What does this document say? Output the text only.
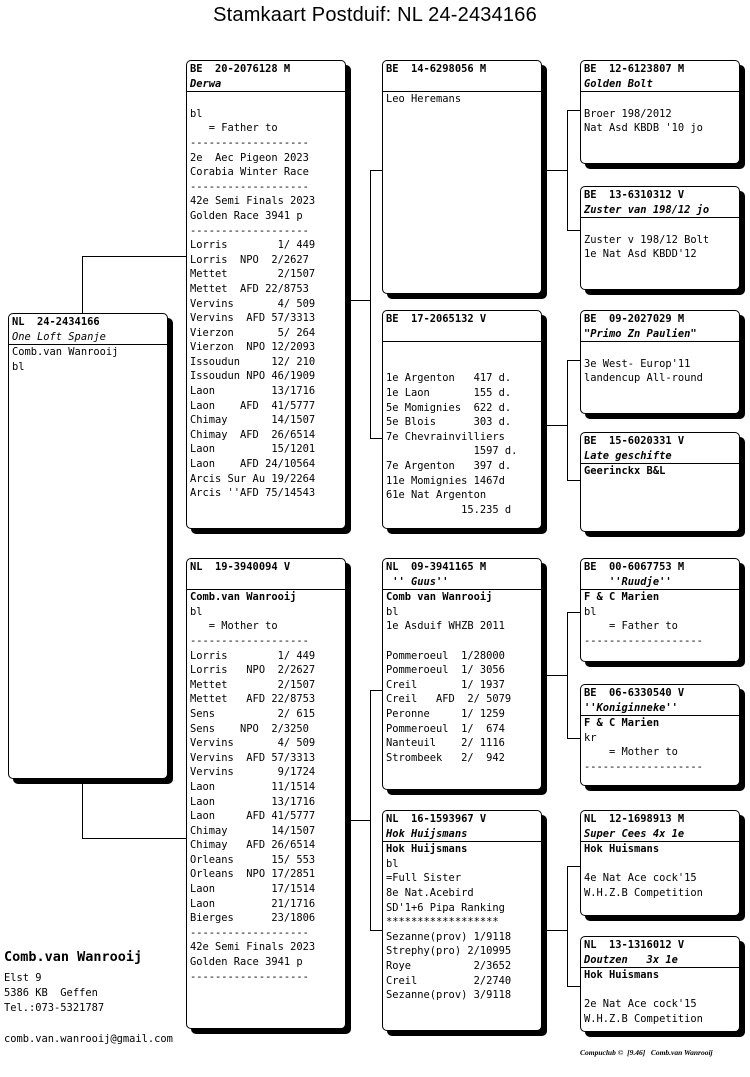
Stamkaart Postduif: NL 24-2434166
NL  24-2434166
One Loft Spanje
Comb.van Wanrooij
bl
BE  20-2076128 M
Derwa
bl
= Father to
-------------------
2e  Aec Pigeon 2023
Corabia Winter Race
-------------------
42e Semi Finals 2023
Golden Race 3941 p
-------------------
Lorris        1/ 449
Lorris  NPO  2/2627
Mettet        2/1507
Mettet  AFD 22/8753
Vervins       4/ 509
Vervins  AFD 57/3313
Vierzon       5/ 264
Vierzon  NPO 12/2093
Issoudun     12/ 210
Issoudun NPO 46/1909
Laon         13/1716
Laon    AFD  41/5777
Chimay       14/1507
Chimay  AFD  26/6514
Laon         15/1201
Laon    AFD 24/10564
Arcis Sur Au 19/2264
Arcis ''AFD 75/14543
NL  19-3940094 V
Comb.van Wanrooij
bl
= Mother to
-------------------
Lorris        1/ 449
Lorris   NPO  2/2627
Mettet        2/1507
Mettet   AFD 22/8753
Sens          2/ 615
Sens    NPO  2/3250
Vervins       4/ 509
Vervins  AFD 57/3313
Vervins       9/1724
Laon         11/1514
Laon         13/1716
Laon     AFD 41/5777
Chimay       14/1507
Chimay   AFD 26/6514
Orleans      15/ 553
Orleans  NPO 17/2851
Laon         17/1514
Laon         21/1716
Bierges      23/1806
-------------------
42e Semi Finals 2023
Golden Race 3941 p
-------------------
BE  14-6298056 M
Leo Heremans
BE  17-2065132 V
1e Argenton   417 d.
1e Laon       155 d.
5e Momignies  622 d.
5e Blois      303 d.
7e Chevrainvilliers
1597 d.
7e Argenton   397 d.
11e Momignies 1467d
61e Nat Argenton
15.235 d
NL  09-3941165 M
'' Guus''
Comb van Wanrooij
bl
1e Asduif WHZB 2011
Pommeroeul  1/28000
Pommeroeul  1/ 3056
Creil       1/ 1937
Creil   AFD  2/ 5079
Peronne     1/ 1259
Pommeroeul  1/  674
Nanteuil    2/ 1116
Strombeek   2/  942
NL  16-1593967 V
Hok Huijsmans
Hok Huijsmans
bl
=Full Sister
8e Nat.Acebird
SD'1+6 Pipa Ranking
******************
Sezanne(prov) 1/9118
Strephy(pro) 2/10995
Roye          2/3652
Creil         2/2740
Sezanne(prov) 3/9118
BE  12-6123807 M
Golden Bolt
Broer 198/2012
Nat Asd KBDB '10 jo
BE  13-6310312 V
Zuster van 198/12 jo
Zuster v 198/12 Bolt
1e Nat Asd KBDD'12
BE  09-2027029 M
"Primo Zn Paulien"
3e West- Europ'11
landencup All-round
BE  15-6020331 V
Late geschifte
Geerinckx B&L
BE  00-6067753 M
''Ruudje''
F & C Marien
bl
= Father to
-------------------
BE  06-6330540 V
''Koniginneke''
F & C Marien
kr
= Mother to
-------------------
NL  12-1698913 M
Super Cees 4x 1e
Hok Huismans
4e Nat Ace cock'15
W.H.Z.B Competition
NL  13-1316012 V
Doutzen   3x 1e
Hok Huismans
2e Nat Ace cock'15
W.H.Z.B Competition
Comb.van Wanrooij
Elst 9
5386 KB  Geffen
Tel.:073-5321787
comb.van.wanrooij@gmail.com
Compuclub ©  [9.46]   Comb.van Wanrooij
